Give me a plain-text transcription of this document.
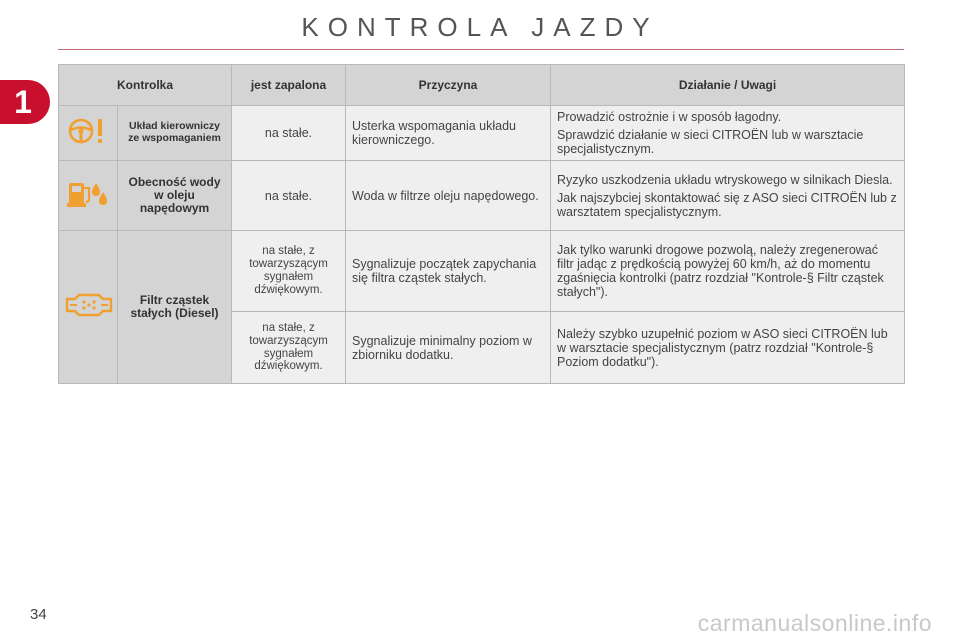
KONTROLA JAZDY
1	Kontrolka		jest zapalona	Przyczyna	Działanie / Uwagi
	Układ kierowniczy ze wspomaganiem	na stałe.	Usterka wspomagania układu kierowniczego.	Prowadzić ostrożnie i w sposób łagodny.

Sprawdzić działanie w sieci CITROËN lub w warsztacie specjalistycznym.

	Obecność wody w oleju napędowym	na stałe.	Woda w filtrze oleju napędowego.	Ryzyko uszkodzenia układu wtryskowego w silnikach Diesla.

Jak najszybciej skontaktować się z ASO sieci CITROËN lub z warsztatem specjalistycznym.

	Filtr cząstek stałych (Diesel)	na stałe, z towarzyszącym sygnałem dźwiękowym.	Sygnalizuje początek zapychania się filtra cząstek stałych.	Jak tylko warunki drogowe pozwolą, należy zregenerować filtr jadąc z prędkością powyżej 60 km/h, aż do momentu zgaśnięcia kontrolki (patrz rozdział "Kontrole-§ Filtr cząstek stałych").

		na stałe, z towarzyszącym sygnałem dźwiękowym.	Sygnalizuje minimalny poziom w zbiorniku dodatku.	Należy szybko uzupełnić poziom w ASO sieci CITROËN lub w warsztacie specjalistycznym (patrz rozdział "Kontrole-§ Poziom dodatku").

34	carmanualsonline.info
